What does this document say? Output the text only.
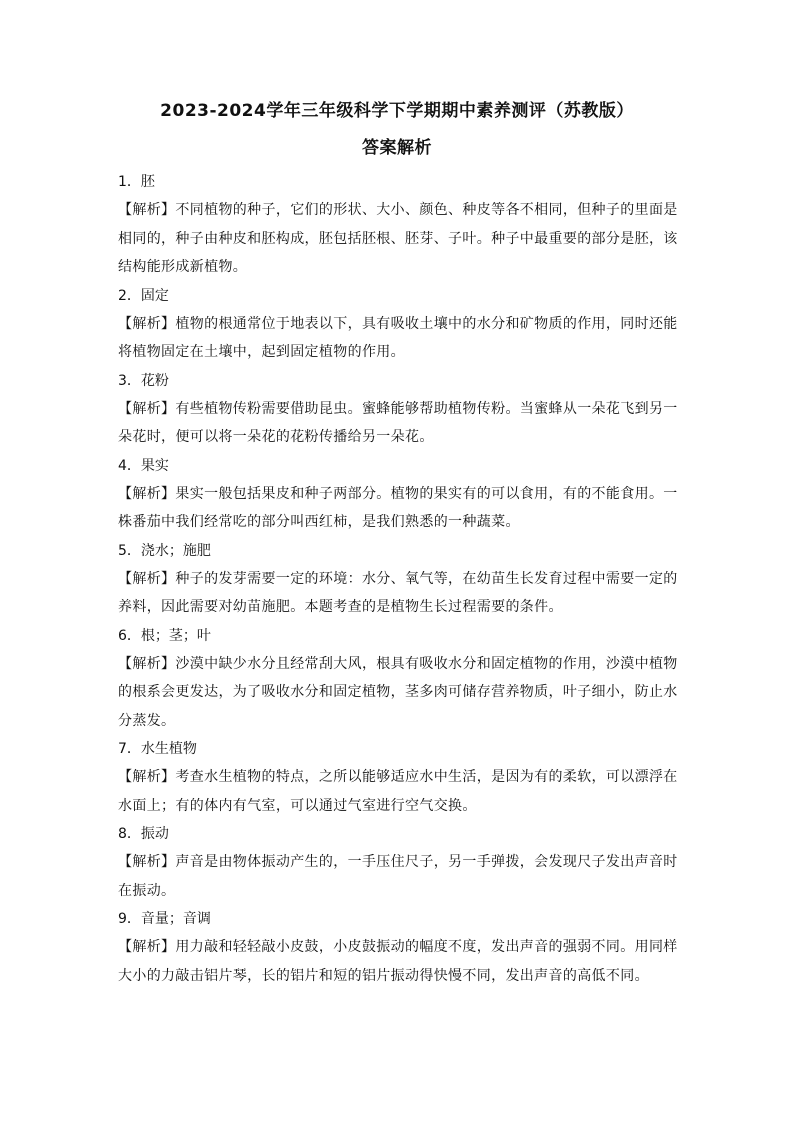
2023-2024学年三年级科学下学期期中素养测评（苏教版）
答案解析
1．胚
【解析】不同植物的种子，它们的形状、大小、颜色、种皮等各不相同，但种子的里面是相同的，种子由种皮和胚构成，胚包括胚根、胚芽、子叶。种子中最重要的部分是胚，该结构能形成新植物。
2．固定
【解析】植物的根通常位于地表以下，具有吸收土壤中的水分和矿物质的作用，同时还能将植物固定在土壤中，起到固定植物的作用。
3．花粉
【解析】有些植物传粉需要借助昆虫。蜜蜂能够帮助植物传粉。当蜜蜂从一朵花飞到另一朵花时，便可以将一朵花的花粉传播给另一朵花。
4．果实
【解析】果实一般包括果皮和种子两部分。植物的果实有的可以食用，有的不能食用。一株番茄中我们经常吃的部分叫西红柿，是我们熟悉的一种蔬菜。
5．浇水；施肥
【解析】种子的发芽需要一定的环境：水分、氧气等，在幼苗生长发育过程中需要一定的养料，因此需要对幼苗施肥。本题考查的是植物生长过程需要的条件。
6．根；茎；叶
【解析】沙漠中缺少水分且经常刮大风，根具有吸收水分和固定植物的作用，沙漠中植物的根系会更发达，为了吸收水分和固定植物，茎多肉可储存营养物质，叶子细小，防止水分蒸发。
7．水生植物
【解析】考查水生植物的特点，之所以能够适应水中生活，是因为有的柔软，可以漂浮在水面上；有的体内有气室，可以通过气室进行空气交换。
8．振动
【解析】声音是由物体振动产生的，一手压住尺子，另一手弹拨，会发现尺子发出声音时在振动。
9．音量；音调
【解析】用力敲和轻轻敲小皮鼓，小皮鼓振动的幅度不度，发出声音的强弱不同。用同样大小的力敲击铝片琴，长的铝片和短的铝片振动得快慢不同，发出声音的高低不同。
